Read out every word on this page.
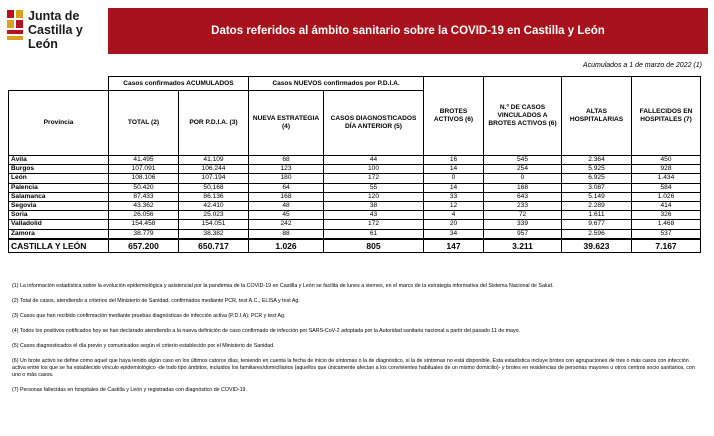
Junta de
Castilla y León
Datos referidos al ámbito sanitario sobre la COVID-19 en Castilla y León
Acumulados a 1 de marzo de 2022 (1)
	Casos confirmados ACUMULADOS		Casos NUEVOS confirmados por P.D.I.A.		BROTES ACTIVOS (6)	N.º DE CASOS VINCULADOS A BROTES ACTIVOS (6)	ALTAS HOSPITALARIAS	FALLECIDOS EN HOSPITALES (7)
Provincia	TOTAL (2)	POR P.D.I.A. (3)	NUEVA ESTRATEGIA (4)	CASOS DIAGNOSTICADOS DÍA ANTERIOR (5)				
Ávila	41.495	41.109	68	44	16	545	2.364	450
Burgos	107.091	106.244	123	100	14	254	5.925	928
León	108.106	107.194	180	172	0	0	6.925	1.434
Palencia	50.420	50.168	64	55	14	168	3.087	584
Salamanca	87.433	86.136	168	120	33	643	5.149	1.026
Segovia	43.362	42.410	48	38	12	233	2.289	414
Soria	26.056	25.023	45	43	4	72	1.611	326
Valladolid	154.458	154.051	242	172	20	339	9.677	1.468
Zamora	38.779	38.382	88	61	34	957	2.596	537
CASTILLA Y LEÓN	657.200	650.717	1.026	805	147	3.211	39.623	7.167

(1) La información estadística sobre la evolución epidemiológica y asistencial por la pandemia de la COVID-19 en Castilla y León se facilita de lunes a viernes, en el marco de la estrategia informativa del Sistema Nacional de Salud.

(2) Total de casos, atendiendo a criterios del Ministerio de Sanidad, confirmados mediante PCR, test A.C., ELISA y test Ag.

(3) Casos que han recibido confirmación mediante pruebas diagnósticas de infección activa (P.D.I.A): PCR y test Ag.

(4) Todos los positivos notificados hoy se han declarado atendiendo a la nueva definición de caso confirmado de infección por SARS-CoV-2 adoptada por la Autoridad sanitaria nacional a partir del pasado 11 de mayo.

(5) Casos diagnosticados el día previo y comunicados según el criterio establecido por el Ministerio de Sanidad.

(6) Un brote activo se define como aquel que haya tenido algún caso en los últimos catorce días, teniendo en cuenta la fecha de inicio de síntomas o la de diagnóstico, si la de síntomas no está disponible. Esta estadística incluye brotes con agrupaciones de tres o más casos con infección activa entre los que se ha establecido vínculo epidemiológico -de todo tipo ámbitos, incluidos los familiares/domiciliarios (aquellos que únicamente afectan a los convivientes habituales de un mismo domicilio)- y brotes en residencias de personas mayores u otros centros socio sanitarios, con uno o más casos.

(7) Personas fallecidas en hospitales de Castilla y León y registradas con diagnóstico de COVID-19.
